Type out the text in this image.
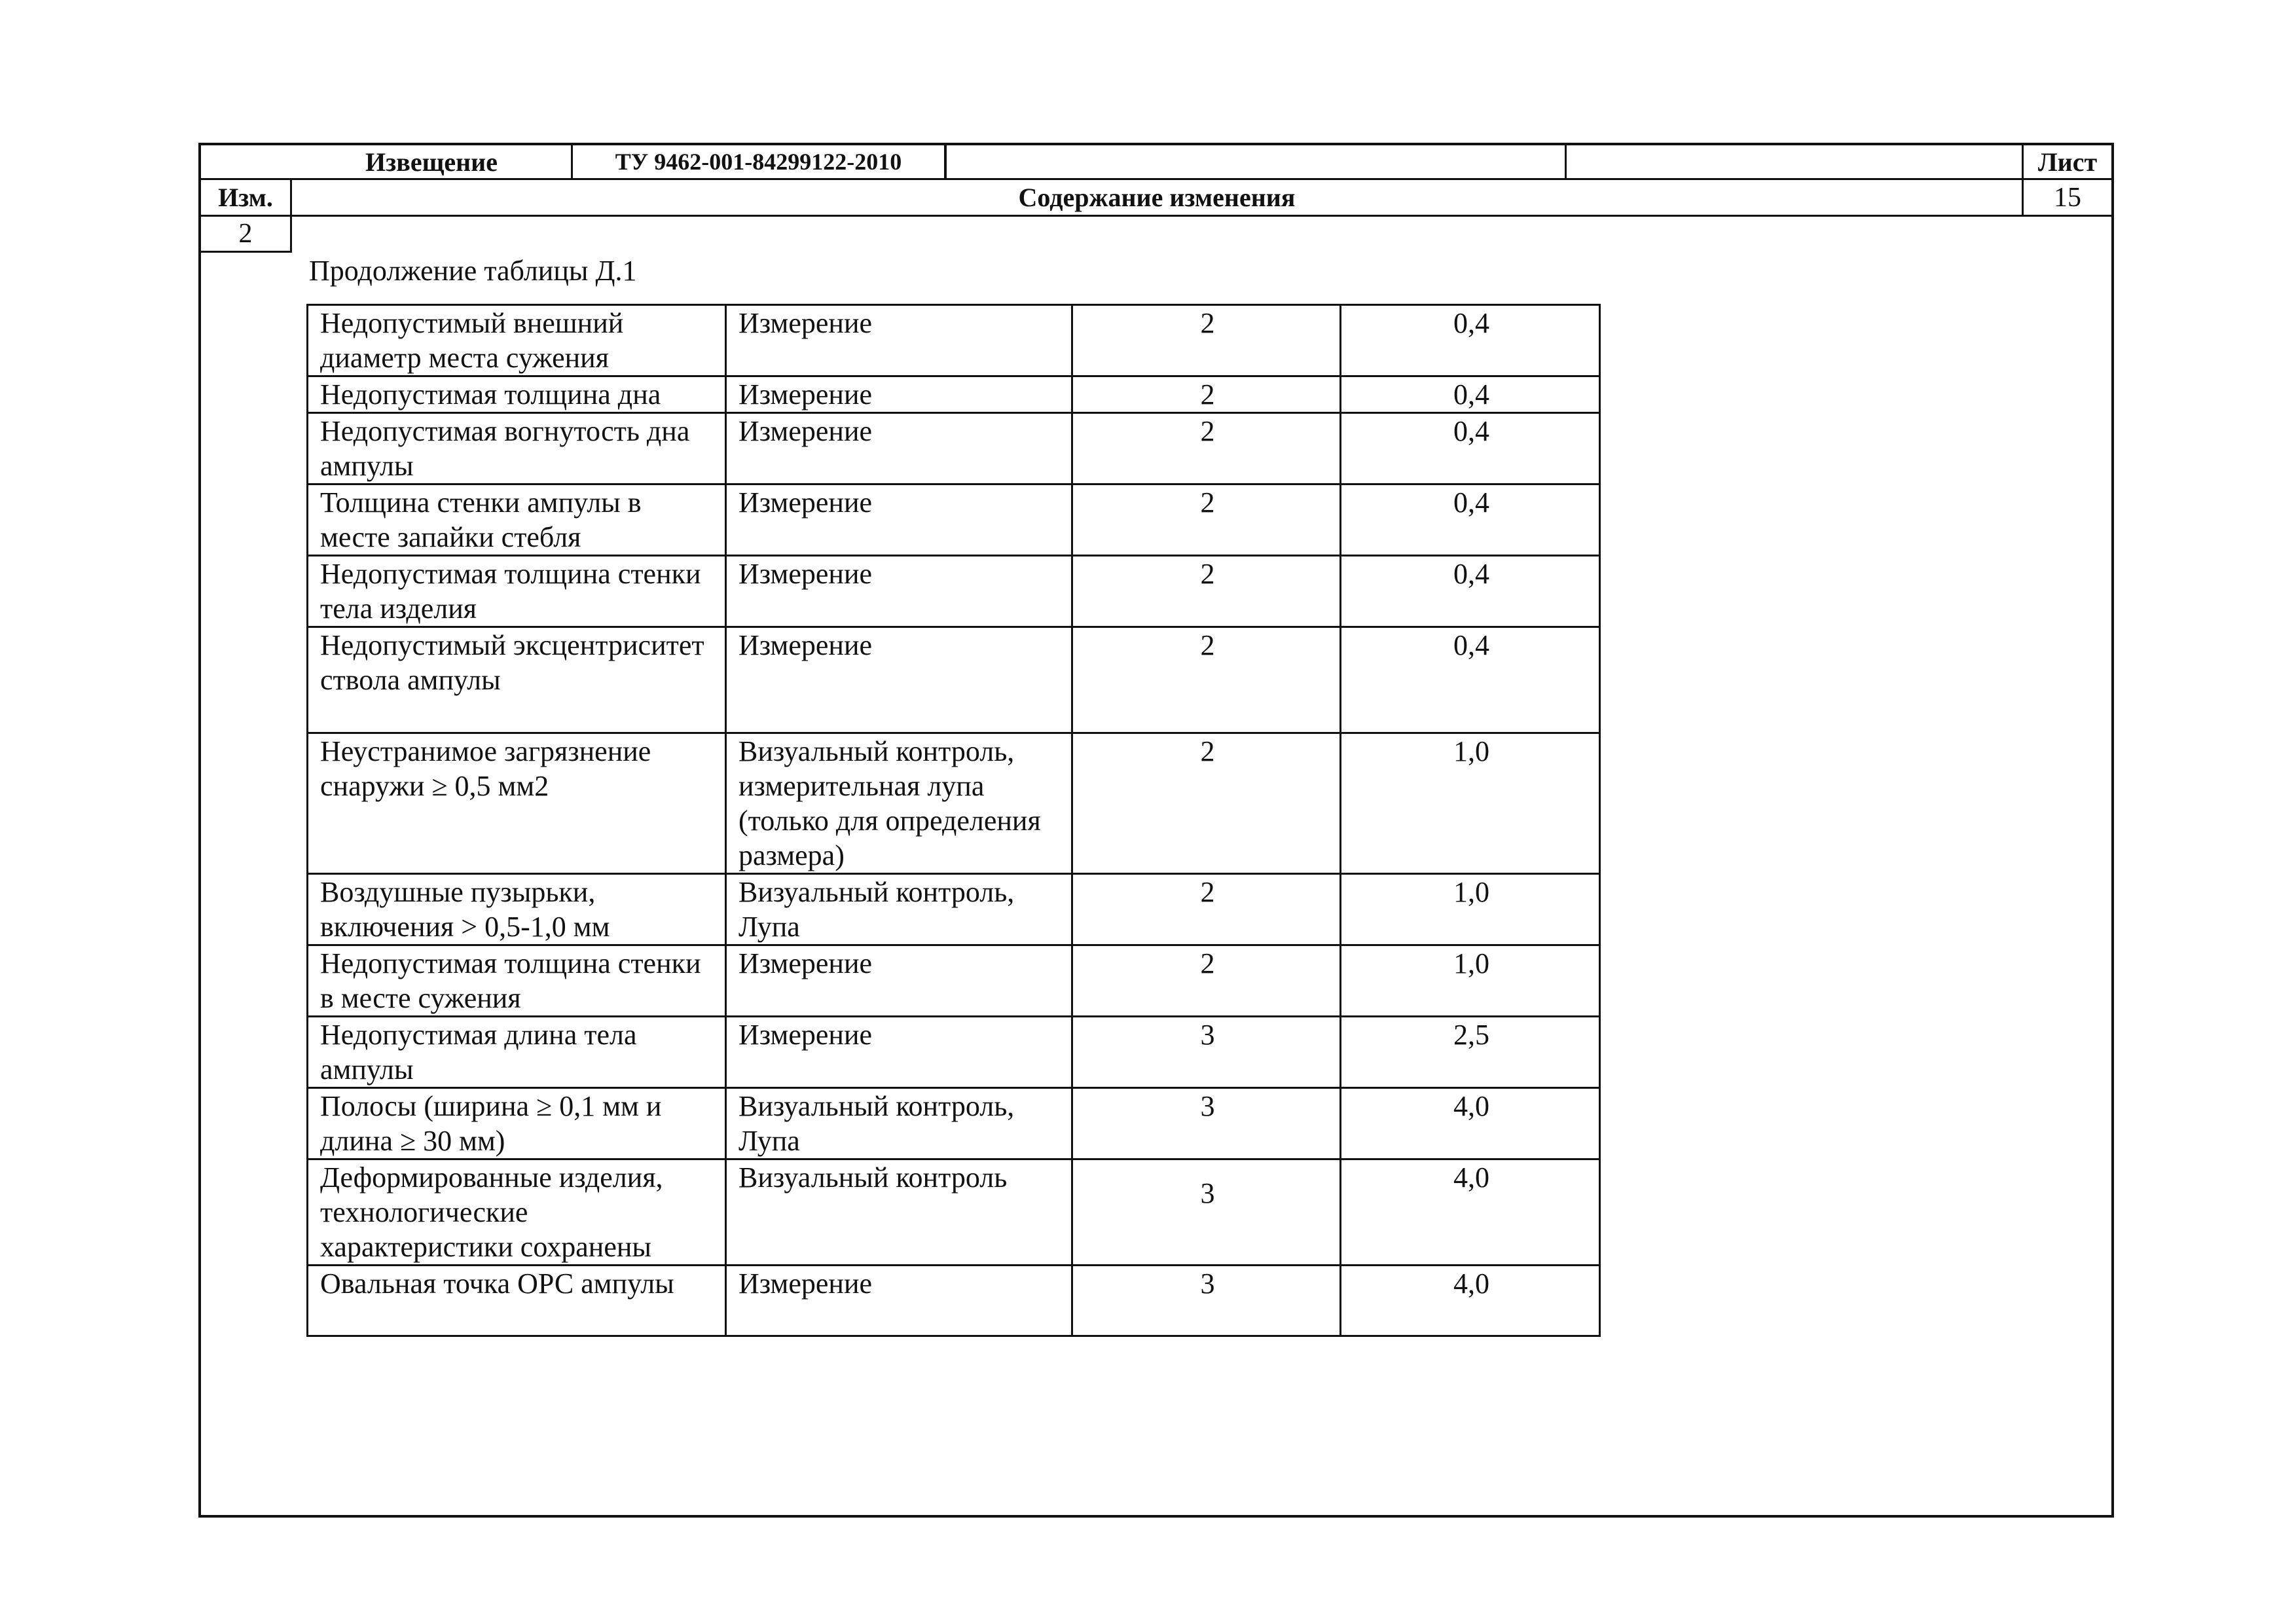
Извещение	ТУ 9462-001-84299122-2010	Лист
Изм.	Содержание изменения	15
2
Продолжение таблицы Д.1
Недопустимый внешний диаметр места сужения	Измерение	2	0,4
Недопустимая толщина дна	Измерение	2	0,4
Недопустимая вогнутость дна ампулы	Измерение	2	0,4
Толщина стенки ампулы в месте запайки стебля	Измерение	2	0,4
Недопустимая толщина стенки тела изделия	Измерение	2	0,4
Недопустимый эксцентриситет ствола ампулы	Измерение	2	0,4
Неустранимое загрязнение снаружи ≥ 0,5 мм2	Визуальный контроль, измерительная лупа (только для определения размера)	2	1,0
Воздушные пузырьки, включения > 0,5-1,0 мм	Визуальный контроль, Лупа	2	1,0
Недопустимая толщина стенки в месте сужения	Измерение	2	1,0
Недопустимая длина тела ампулы	Измерение	3	2,5
Полосы (ширина ≥ 0,1 мм и длина ≥ 30 мм)	Визуальный контроль, Лупа	3	4,0
Деформированные изделия, технологические характеристики сохранены	Визуальный контроль	3	4,0
Овальная точка ОРС ампулы	Измерение	3	4,0
